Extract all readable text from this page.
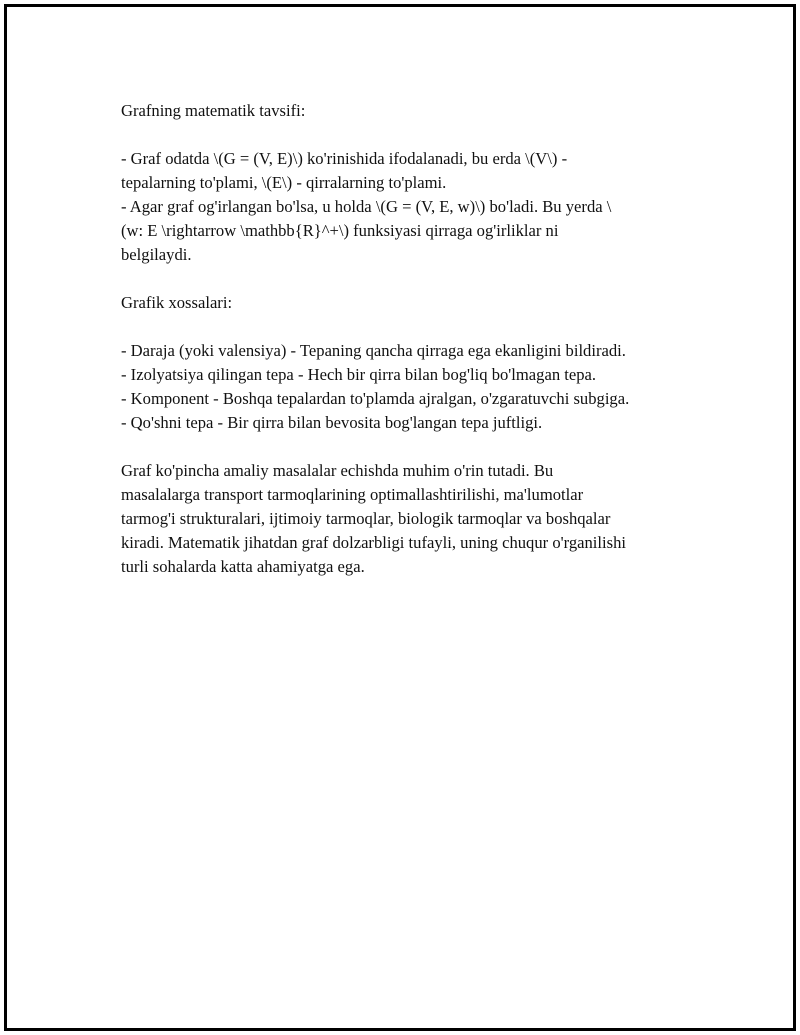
Grafning matematik tavsifi:
- Graf odatda \(G = (V, E)\) ko'rinishida ifodalanadi, bu erda \(V\) -
tepalarning to'plami, \(E\) - qirralarning to'plami.
- Agar graf og'irlangan bo'lsa, u holda \(G = (V, E, w)\) bo'ladi. Bu yerda \
(w: E \rightarrow \mathbb{R}^+\) funksiyasi qirraga og'irliklar ni
belgilaydi.
Grafik xossalari:
- Daraja (yoki valensiya) - Tepaning qancha qirraga ega ekanligini bildiradi.
- Izolyatsiya qilingan tepa - Hech bir qirra bilan bog'liq bo'lmagan tepa.
- Komponent - Boshqa tepalardan to'plamda ajralgan, o'zgaratuvchi subgiga.
- Qo'shni tepa - Bir qirra bilan bevosita bog'langan tepa juftligi.
Graf ko'pincha amaliy masalalar echishda muhim o'rin tutadi. Bu
masalalarga transport tarmoqlarining optimallashtirilishi, ma'lumotlar
tarmog'i strukturalari, ijtimoiy tarmoqlar, biologik tarmoqlar va boshqalar
kiradi. Matematik jihatdan graf dolzarbligi tufayli, uning chuqur o'rganilishi
turli sohalarda katta ahamiyatga ega.
